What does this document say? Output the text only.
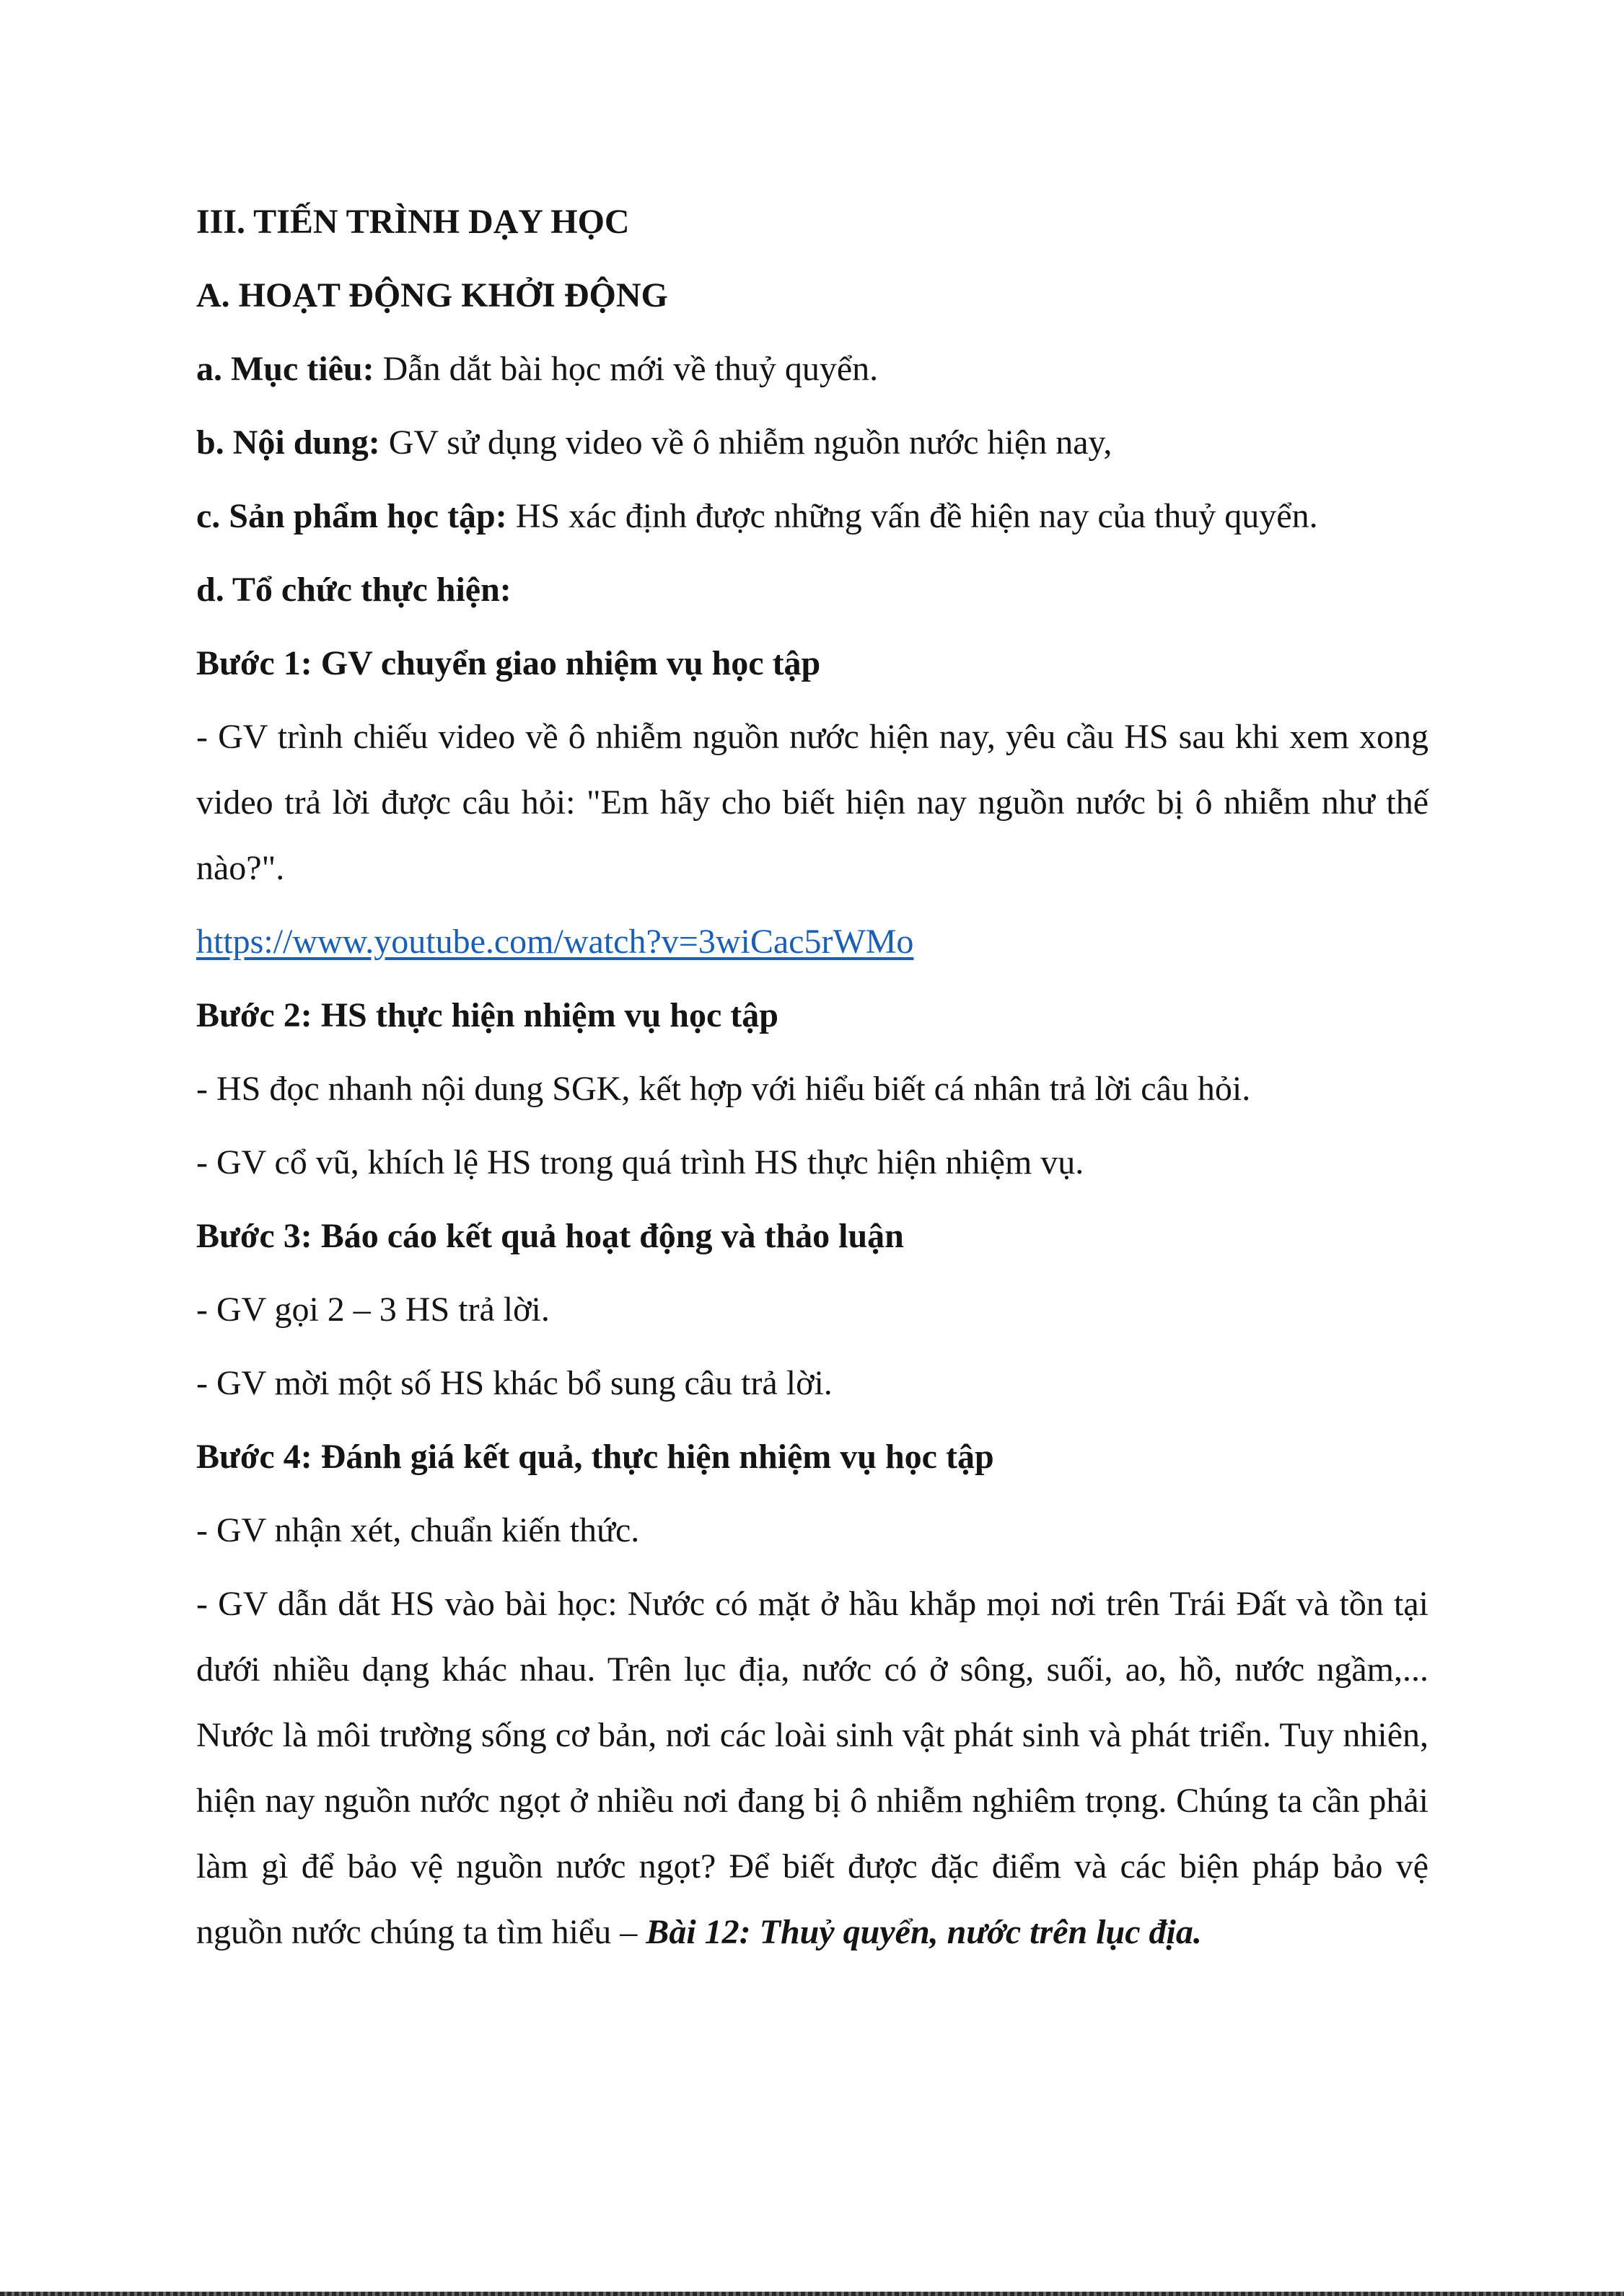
III. TIẾN TRÌNH DẠY HỌC

A. HOẠT ĐỘNG KHỞI ĐỘNG

a. Mục tiêu: Dẫn dắt bài học mới về thuỷ quyển.

b. Nội dung: GV sử dụng video về ô nhiễm nguồn nước hiện nay,

c. Sản phẩm học tập: HS xác định được những vấn đề hiện nay của thuỷ quyển.

d. Tổ chức thực hiện:

Bước 1: GV chuyển giao nhiệm vụ học tập

- GV trình chiếu video về ô nhiễm nguồn nước hiện nay, yêu cầu HS sau khi xem xong video trả lời được câu hỏi: "Em hãy cho biết hiện nay nguồn nước bị ô nhiễm như thế nào?".

https://www.youtube.com/watch?v=3wiCac5rWMo

Bước 2: HS thực hiện nhiệm vụ học tập

- HS đọc nhanh nội dung SGK, kết hợp với hiểu biết cá nhân trả lời câu hỏi.

- GV cổ vũ, khích lệ HS trong quá trình HS thực hiện nhiệm vụ.

Bước 3: Báo cáo kết quả hoạt động và thảo luận

- GV gọi 2 – 3 HS trả lời.

- GV mời một số HS khác bổ sung câu trả lời.

Bước 4: Đánh giá kết quả, thực hiện nhiệm vụ học tập

- GV nhận xét, chuẩn kiến thức.

- GV dẫn dắt HS vào bài học: Nước có mặt ở hầu khắp mọi nơi trên Trái Đất và tồn tại dưới nhiều dạng khác nhau. Trên lục địa, nước có ở sông, suối, ao, hồ, nước ngầm,... Nước là môi trường sống cơ bản, nơi các loài sinh vật phát sinh và phát triển. Tuy nhiên, hiện nay nguồn nước ngọt ở nhiều nơi đang bị ô nhiễm nghiêm trọng. Chúng ta cần phải làm gì để bảo vệ nguồn nước ngọt? Để biết được đặc điểm và các biện pháp bảo vệ nguồn nước chúng ta tìm hiểu – Bài 12: Thuỷ quyển, nước trên lục địa.
